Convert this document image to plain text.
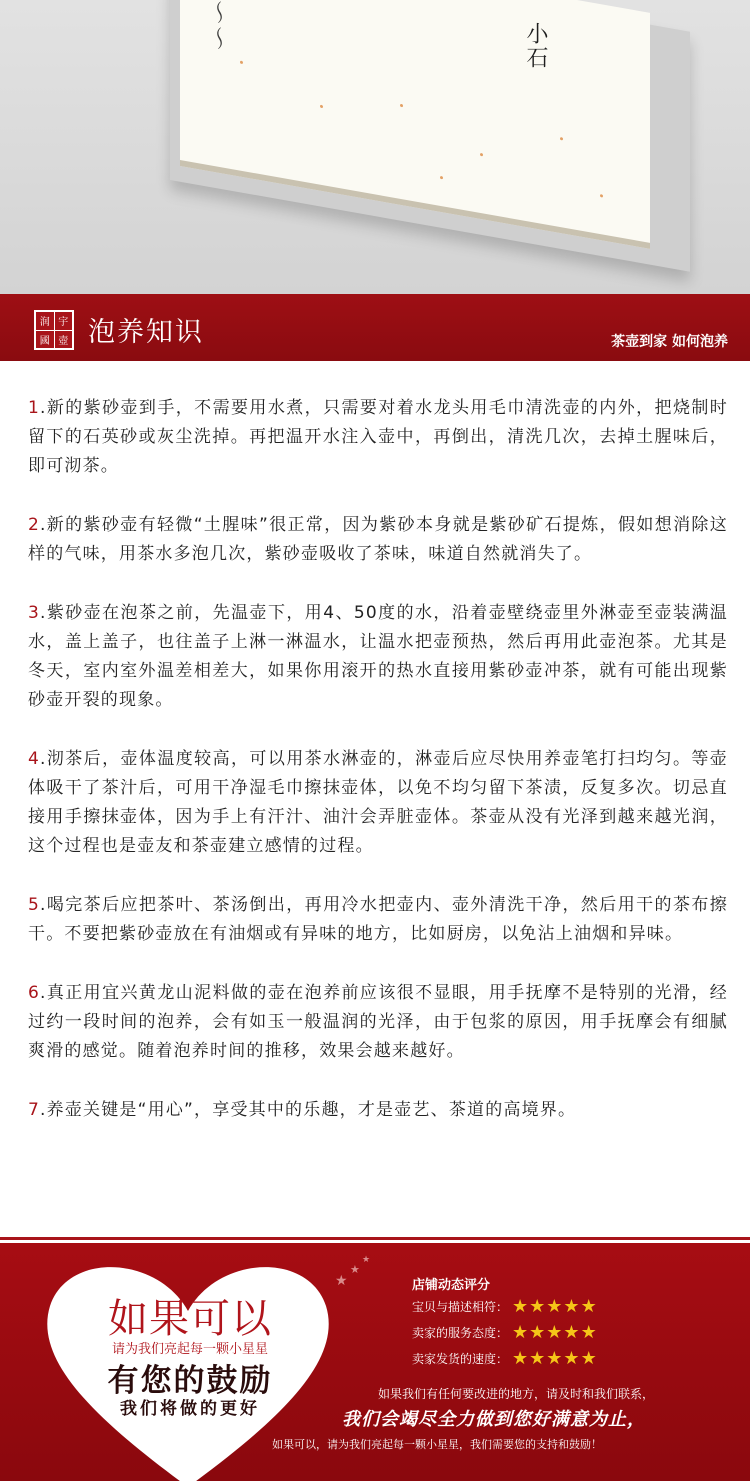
～～	小石
润 宇
國 壺 泡养知识	茶壶到家 如何泡养

1.新的紫砂壶到手，不需要用水煮，只需要对着水龙头用毛巾清洗壶的内外，把烧制时留下的石英砂或灰尘洗掉。再把温开水注入壶中，再倒出，清洗几次，去掉土腥味后，即可沏茶。

2.新的紫砂壶有轻微“土腥味”很正常，因为紫砂本身就是紫砂矿石提炼，假如想消除这样的气味，用茶水多泡几次，紫砂壶吸收了茶味，味道自然就消失了。

3.紫砂壶在泡茶之前，先温壶下，用4、50度的水，沿着壶壁绕壶里外淋壶至壶装满温水，盖上盖子，也往盖子上淋一淋温水，让温水把壶预热，然后再用此壶泡茶。尤其是冬天，室内室外温差相差大，如果你用滚开的热水直接用紫砂壶冲茶，就有可能出现紫砂壶开裂的现象。

4.沏茶后，壶体温度较高，可以用茶水淋壶的，淋壶后应尽快用养壶笔打扫均匀。等壶体吸干了茶汁后，可用干净湿毛巾擦抹壶体，以免不均匀留下茶渍，反复多次。切忌直接用手擦抹壶体，因为手上有汗汁、油汁会弄脏壶体。茶壶从没有光泽到越来越光润，这个过程也是壶友和茶壶建立感情的过程。

5.喝完茶后应把茶叶、茶汤倒出，再用冷水把壶内、壶外清洗干净，然后用干的茶布擦干。不要把紫砂壶放在有油烟或有异味的地方，比如厨房，以免沾上油烟和异味。

6.真正用宜兴黄龙山泥料做的壶在泡养前应该很不显眼，用手抚摩不是特别的光滑，经过约一段时间的泡养，会有如玉一般温润的光泽，由于包浆的原因，用手抚摩会有细腻爽滑的感觉。随着泡养时间的推移，效果会越来越好。

7.养壶关键是“用心”，享受其中的乐趣，才是壶艺、茶道的高境界。

★
★
★
如果可以
请为我们亮起每一颗小星星
有您的鼓励
我们将做的更好
店铺动态评分
宝贝与描述相符： ★★★★★
卖家的服务态度： ★★★★★
卖家发货的速度： ★★★★★
如果我们有任何要改进的地方，请及时和我们联系，
我们会竭尽全力做到您好满意为止，
如果可以，请为我们亮起每一颗小星星，我们需要您的支持和鼓励！
